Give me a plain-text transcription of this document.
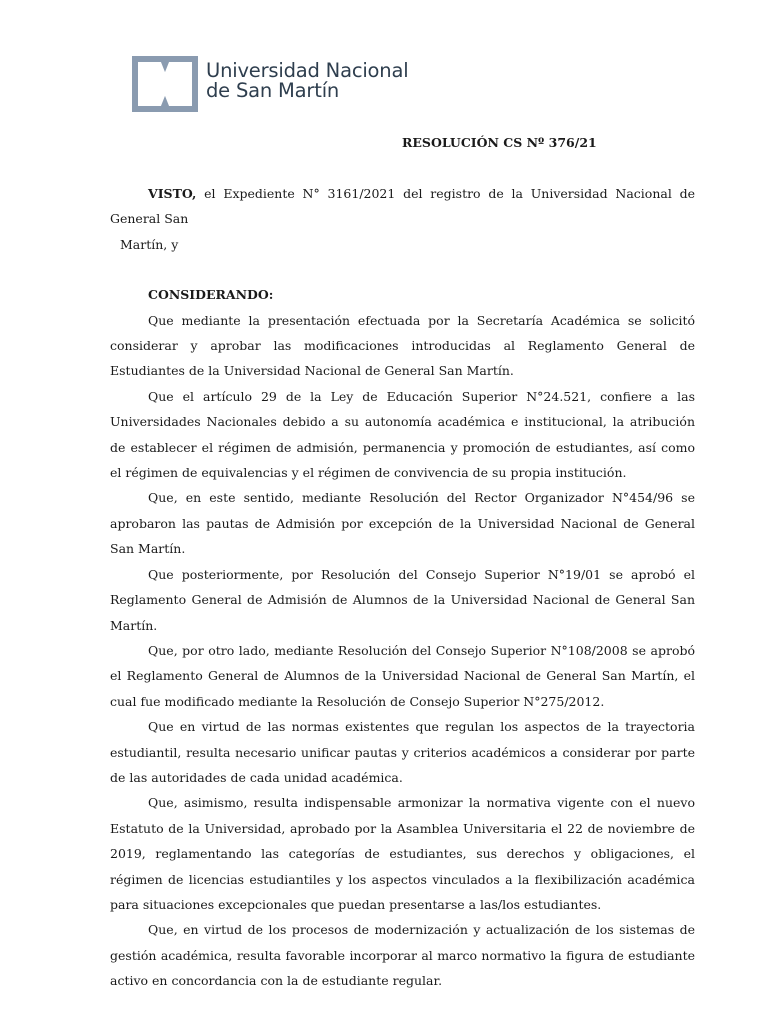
Universidad Nacional
de San Martín
RESOLUCIÓN CS Nº 376/21

VISTO, el Expediente N° 3161/2021 del registro de la Universidad Nacional de General San

Martín, y

CONSIDERANDO:

Que mediante la presentación efectuada por la Secretaría Académica se solicitó considerar y aprobar las modificaciones introducidas al Reglamento General de Estudiantes de la Universidad Nacional de General San Martín.

Que el artículo 29 de la Ley de Educación Superior N°24.521, confiere a las Universidades Nacionales debido a su autonomía académica e institucional, la atribución de establecer el régimen de admisión, permanencia y promoción de estudiantes, así como el régimen de equivalencias y el régimen de convivencia de su propia institución.

Que, en este sentido, mediante Resolución del Rector Organizador N°454/96 se aprobaron las pautas de Admisión por excepción de la Universidad Nacional de General San Martín.

Que posteriormente, por Resolución del Consejo Superior N°19/01 se aprobó el Reglamento General de Admisión de Alumnos de la Universidad Nacional de General San Martín.

Que, por otro lado, mediante Resolución del Consejo Superior N°108/2008 se aprobó el Reglamento General de Alumnos de la Universidad Nacional de General San Martín, el cual fue modificado mediante la Resolución de Consejo Superior N°275/2012.

Que en virtud de las normas existentes que regulan los aspectos de la trayectoria estudiantil, resulta necesario unificar pautas y criterios académicos a considerar por parte de las autoridades de cada unidad académica.

Que, asimismo, resulta indispensable armonizar la normativa vigente con el nuevo Estatuto de la Universidad, aprobado por la Asamblea Universitaria el 22 de noviembre de 2019, reglamentando las categorías de estudiantes, sus derechos y obligaciones, el régimen de licencias estudiantiles y los aspectos vinculados a la flexibilización académica para situaciones excepcionales que puedan presentarse a las/los estudiantes.

Que, en virtud de los procesos de modernización y actualización de los sistemas de gestión académica, resulta favorable incorporar al marco normativo la figura de estudiante activo en concordancia con la de estudiante regular.
